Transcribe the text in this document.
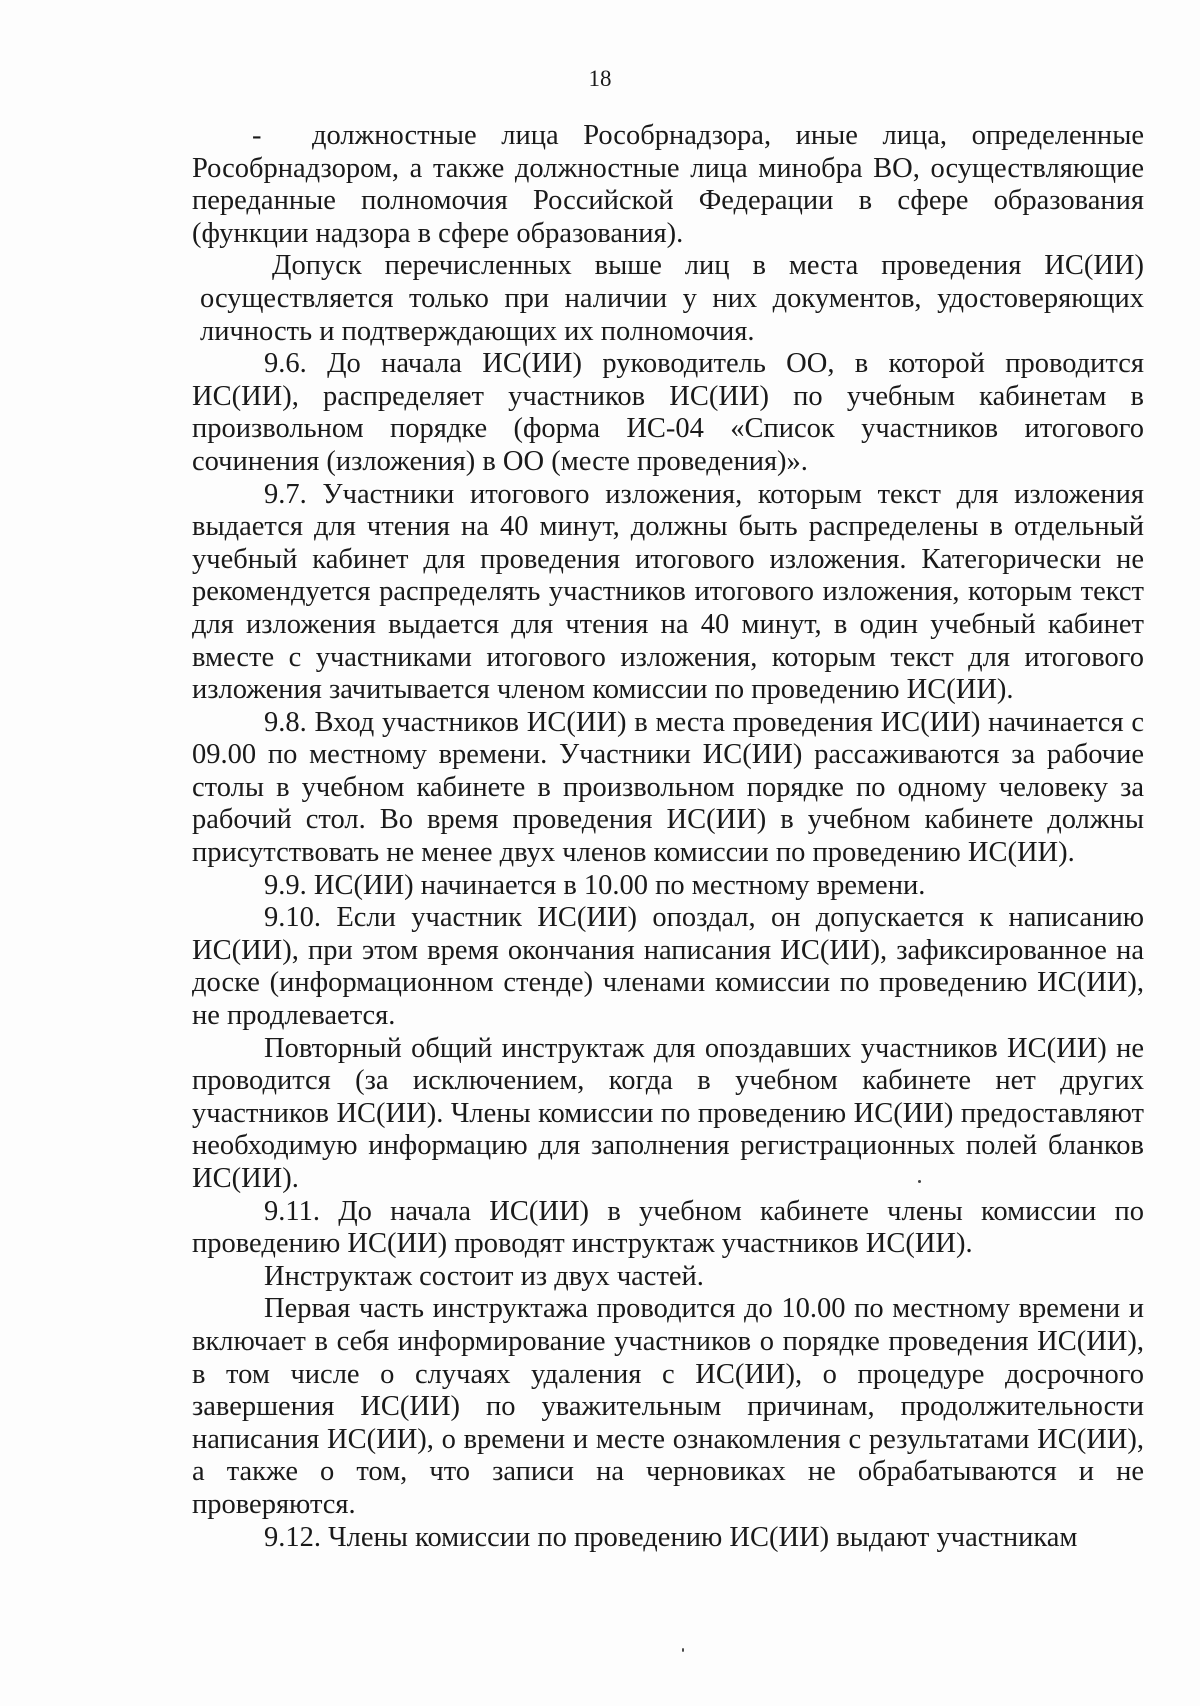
18

- должностные лица Рособрнадзора, иные лица, определенные Рособрнадзором, а также должностные лица минобра ВО, осуществляющие переданные полномочия Российской Федерации в сфере образования (функции надзора в сфере образования).

Допуск перечисленных выше лиц в места проведения ИС(ИИ) осуществляется только при наличии у них документов, удостоверяющих личность и подтверждающих их полномочия.

9.6. До начала ИС(ИИ) руководитель ОО, в которой проводится ИС(ИИ), распределяет участников ИС(ИИ) по учебным кабинетам в произвольном порядке (форма ИС-04 «Список участников итогового сочинения (изложения) в ОО (месте проведения)».

9.7. Участники итогового изложения, которым текст для изложения выдается для чтения на 40 минут, должны быть распределены в отдельный учебный кабинет для проведения итогового изложения. Категорически не рекомендуется распределять участников итогового изложения, которым текст для изложения выдается для чтения на 40 минут, в один учебный кабинет вместе с участниками итогового изложения, которым текст для итогового изложения зачитывается членом комиссии по проведению ИС(ИИ).

9.8. Вход участников ИС(ИИ) в места проведения ИС(ИИ) начинается с 09.00 по местному времени. Участники ИС(ИИ) рассаживаются за рабочие столы в учебном кабинете в произвольном порядке по одному человеку за рабочий стол. Во время проведения ИС(ИИ) в учебном кабинете должны присутствовать не менее двух членов комиссии по проведению ИС(ИИ).

9.9. ИС(ИИ) начинается в 10.00 по местному времени.

9.10. Если участник ИС(ИИ) опоздал, он допускается к написанию ИС(ИИ), при этом время окончания написания ИС(ИИ), зафиксированное на доске (информационном стенде) членами комиссии по проведению ИС(ИИ), не продлевается.

Повторный общий инструктаж для опоздавших участников ИС(ИИ) не проводится (за исключением, когда в учебном кабинете нет других участников ИС(ИИ). Члены комиссии по проведению ИС(ИИ) предоставляют необходимую информацию для заполнения регистрационных полей бланков ИС(ИИ).

9.11. До начала ИС(ИИ) в учебном кабинете члены комиссии по проведению ИС(ИИ) проводят инструктаж участников ИС(ИИ).

Инструктаж состоит из двух частей.

Первая часть инструктажа проводится до 10.00 по местному времени и включает в себя информирование участников о порядке проведения ИС(ИИ), в том числе о случаях удаления с ИС(ИИ), о процедуре досрочного завершения ИС(ИИ) по уважительным причинам, продолжительности написания ИС(ИИ), о времени и месте ознакомления с результатами ИС(ИИ), а также о том, что записи на черновиках не обрабатываются и не проверяются.

9.12. Члены комиссии по проведению ИС(ИИ) выдают участникам
